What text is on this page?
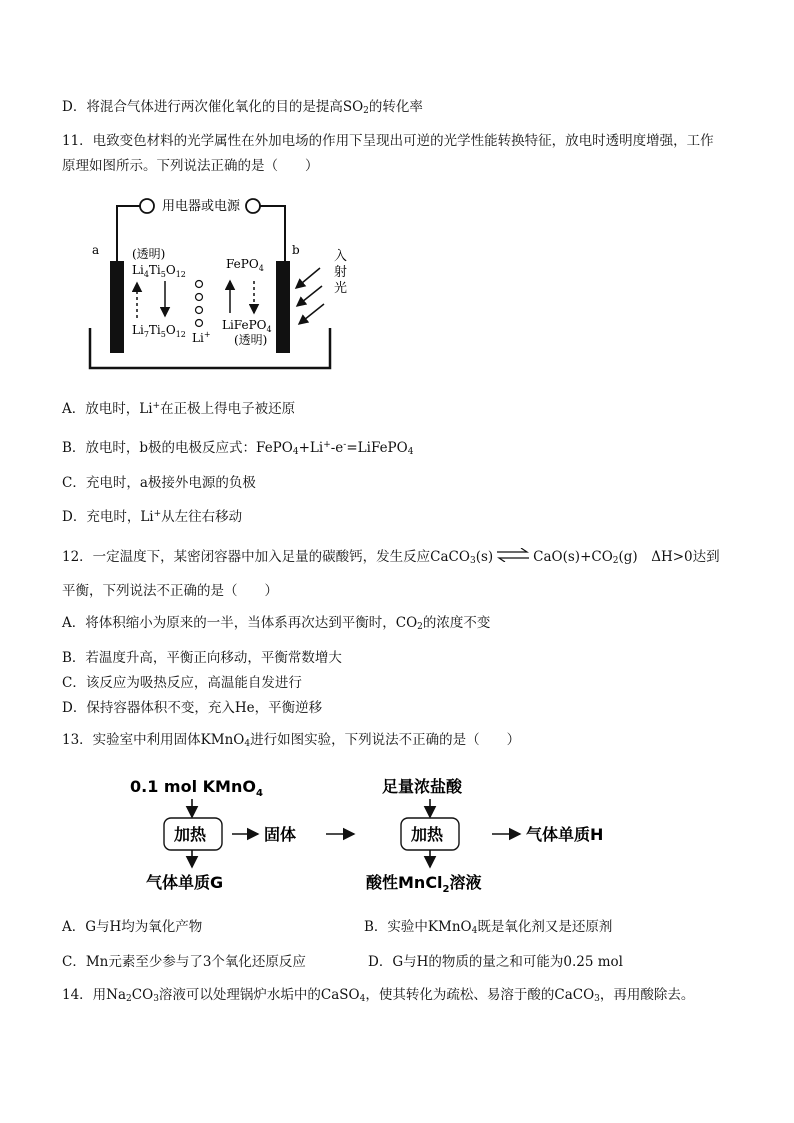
D．将混合气体进行两次催化氧化的目的是提高$SO_2$的转化率
11．电致变色材料的光学属性在外加电场的作用下呈现出可逆的光学性能转换特征，放电时透明度增强，工作
原理如图所示。下列说法正确的是（　　）
用电器或电源
a	b
(透明)
$Li_4Ti_5O_{12}$
$Li_7Ti_5O_{12}$ Li+
FePO$_4$
LiFePO$_4$
(透明)
入
射
光
A．放电时，Li+在正极上得电子被还原
B．放电时，b极的电极反应式：FePO$_4$+Li+-e-=LiFePO$_4$
C．充电时，a极接外电源的负极
D．充电时，Li+从左往右移动
12．一定温度下，某密闭容器中加入足量的碳酸钙，发生反应CaCO$_3$(s) ⇌ $CaO(s)+CO_2(g)$　ΔH>0达到
平衡，下列说法不正确的是（　　）
A．将体积缩小为原来的一半，当体系再次达到平衡时，$CO_2$的浓度不变
B．若温度升高，平衡正向移动，平衡常数增大
C．该反应为吸热反应，高温能自发进行
D．保持容器体积不变，充入He，平衡逆移
13．实验室中利用固体KMnO$_4$进行如图实验，下列说法不正确的是（　　）
0.1 mol KMnO$_4$
加热
气体单质G
固体
足量浓盐酸
加热
酸性MnCl$_2$溶液
气体单质H
A．G与H均为氧化产物	B．实验中KMnO$_4$既是氧化剂又是还原剂
C．Mn元素至少参与了3个氧化还原反应	D．G与H的物质的量之和可能为0.25 mol
14．用$Na_2CO_3$溶液可以处理锅炉水垢中的CaSO$_4$，使其转化为疏松、易溶于酸的CaCO$_3$，再用酸除去。
